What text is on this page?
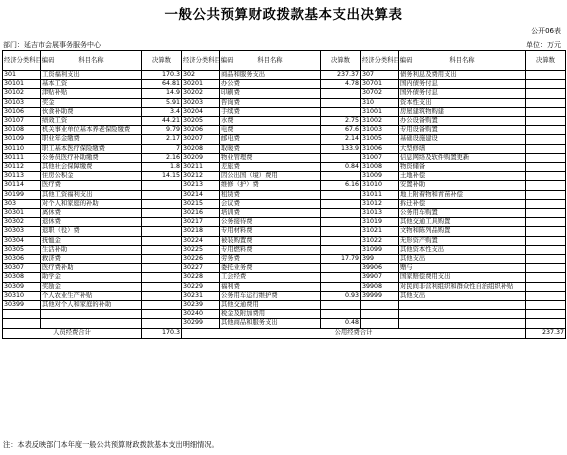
一般公共预算财政拨款基本支出决算表
公开06表
部门：延吉市会展事务服务中心	单位：万元
经济分类科目编码	科目名称	决算数	经济分类科目编码	科目名称	决算数	经济分类科目编码	科目名称	决算数
301	工资福利支出	170.3	302	商品和服务支出	237.37	307	债务利息及费用支出	
30101	基本工资	64.81	30201	办公费	4.78	30701	国内债务付息	
30102	津贴补贴	14.9	30202	印刷费		30702	国外债务付息	
30103	奖金	5.91	30203	咨询费		310	资本性支出	
30106	伙食补助费	3.4	30204	手续费		31001	房屋建筑物购建	
30107	绩效工资	44.21	30205	水费	2.75	31002	办公设备购置	
30108	机关事业单位基本养老保险缴费	9.79	30206	电费	67.6	31003	专用设备购置	
30109	职业年金缴费	2.17	30207	邮电费	2.14	31005	基础设施建设	
30110	职工基本医疗保险缴费	7	30208	取暖费	133.9	31006	大型修缮	
30111	公务员医疗补助缴费	2.16	30209	物业管理费		31007	信息网络及软件购置更新	
30112	其他社会保障缴费	1.8	30211	差旅费	0.84	31008	物资储备	
30113	住房公积金	14.15	30212	因公出国（境）费用		31009	土地补偿	
30114	医疗费		30213	维修（护）费	6.16	31010	安置补助	
30199	其他工资福利支出		30214	租赁费		31011	地上附着物和青苗补偿	
303	对个人和家庭的补助		30215	会议费		31012	拆迁补偿	
30301	离休费		30216	培训费		31013	公务用车购置	
30302	退休费		30217	公务接待费		31019	其他交通工具购置	
30303	退职（役）费		30218	专用材料费		31021	文物和陈列品购置	
30304	抚恤金		30224	被装购置费		31022	无形资产购置	
30305	生活补助		30225	专用燃料费		31099	其他资本性支出	
30306	救济费		30226	劳务费	17.79	399	其他支出	
30307	医疗费补助		30227	委托业务费		39906	赠与	
30308	助学金		30228	工会经费		39907	国家赔偿费用支出	
30309	奖励金		30229	福利费		39908	对民间非营利组织和群众性自治组织补贴	
30310	个人农业生产补贴		30231	公务用车运行维护费	0.93	39999	其他支出	
30399	其他对个人和家庭的补助		30239	其他交通费用				
			30240	税金及附加费用				
			30299	其他商品和服务支出	0.48			
人员经费合计		170.3	公用经费合计					237.37
注：本表反映部门本年度一般公共预算财政拨款基本支出明细情况。
